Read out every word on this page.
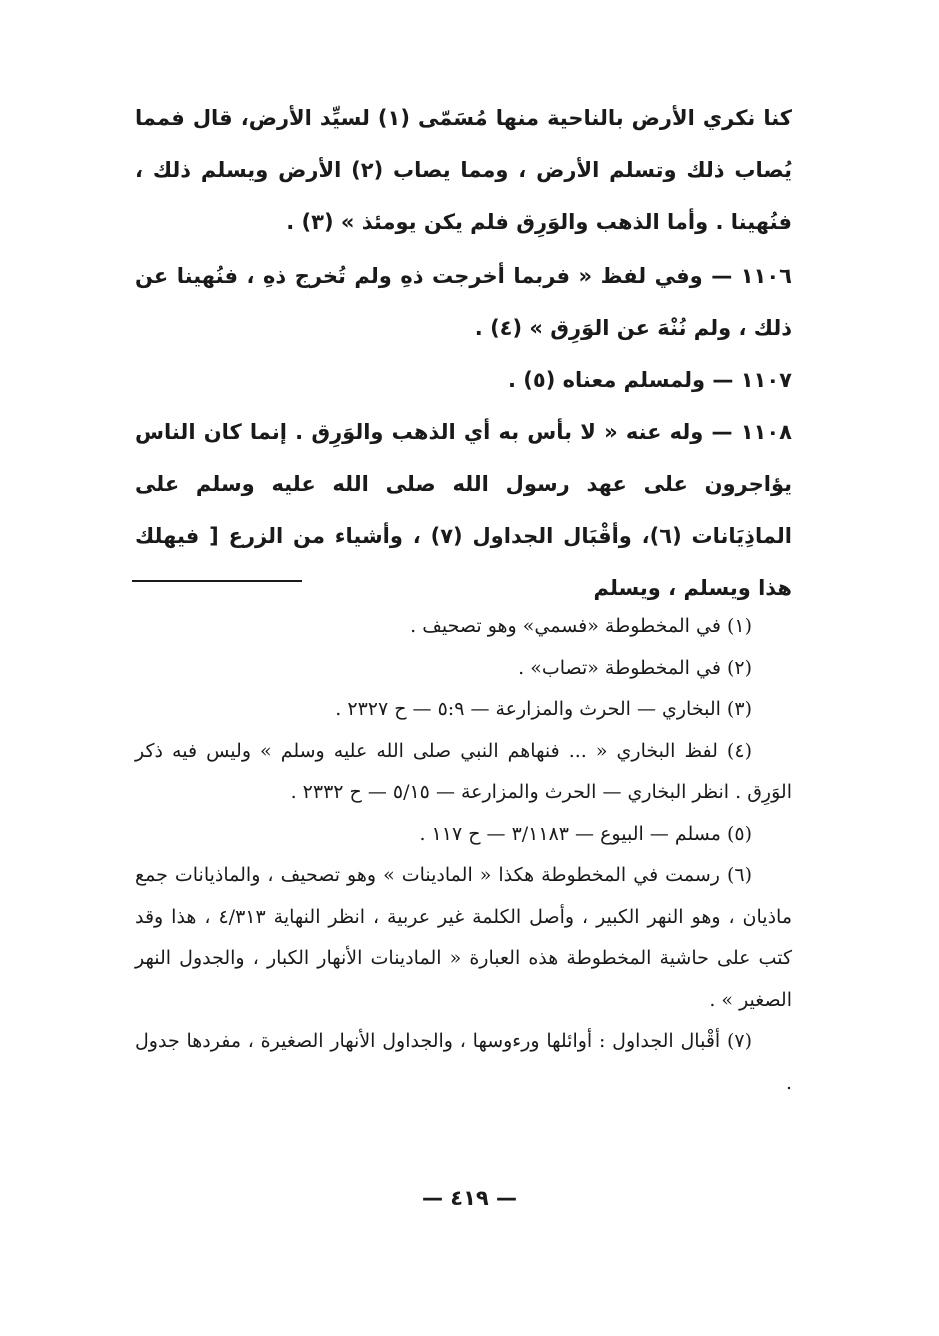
كنا نكري الأرض بالناحية منها مُسَمّى (١) لسيِّد الأرض، قال فمما يُصاب ذلك وتسلم الأرض ، ومما يصاب (٢) الأرض ويسلم ذلك ، فنُهينا . وأما الذهب والوَرِق فلم يكن يومئذ » (٣) .

١١٠٦ — وفي لفظ « فربما أخرجت ذهِ ولم تُخرج ذهِ ، فنُهينا عن ذلك ، ولم نُنْهَ عن الوَرِق » (٤) .

١١٠٧ — ولمسلم معناه (٥) .

١١٠٨ — وله عنه « لا بأس به أي الذهب والوَرِق . إنما كان الناس يؤاجرون على عهد رسول الله صلى الله عليه وسلم على الماذِيَانات (٦)، وأقْبَال الجداول (٧) ، وأشياء من الزرع [ فيهلك هذا ويسلم ، ويسلم

(١) في المخطوطة «فسمي» وهو تصحيف .

(٢) في المخطوطة «تصاب» .

(٣) البخاري — الحرث والمزارعة — ٥:٩ — ح ٢٣٢٧ .

(٤) لفظ البخاري « ... فنهاهم النبي صلى الله عليه وسلم » وليس فيه ذكر الوَرِق . انظر البخاري — الحرث والمزارعة — ٥/١٥ — ح ٢٣٣٢ .

(٥) مسلم — البيوع — ٣/١١٨٣ — ح ١١٧ .

(٦) رسمت في المخطوطة هكذا « المادينات » وهو تصحيف ، والماذيانات جمع ماذيان ، وهو النهر الكبير ، وأصل الكلمة غير عربية ، انظر النهاية ٤/٣١٣ ، هذا وقد كتب على حاشية المخطوطة هذه العبارة « المادينات الأنهار الكبار ، والجدول النهر الصغير » .

(٧) أقْبال الجداول : أوائلها ورءوسها ، والجداول الأنهار الصغيرة ، مفردها جدول .

— ٤١٩ —
